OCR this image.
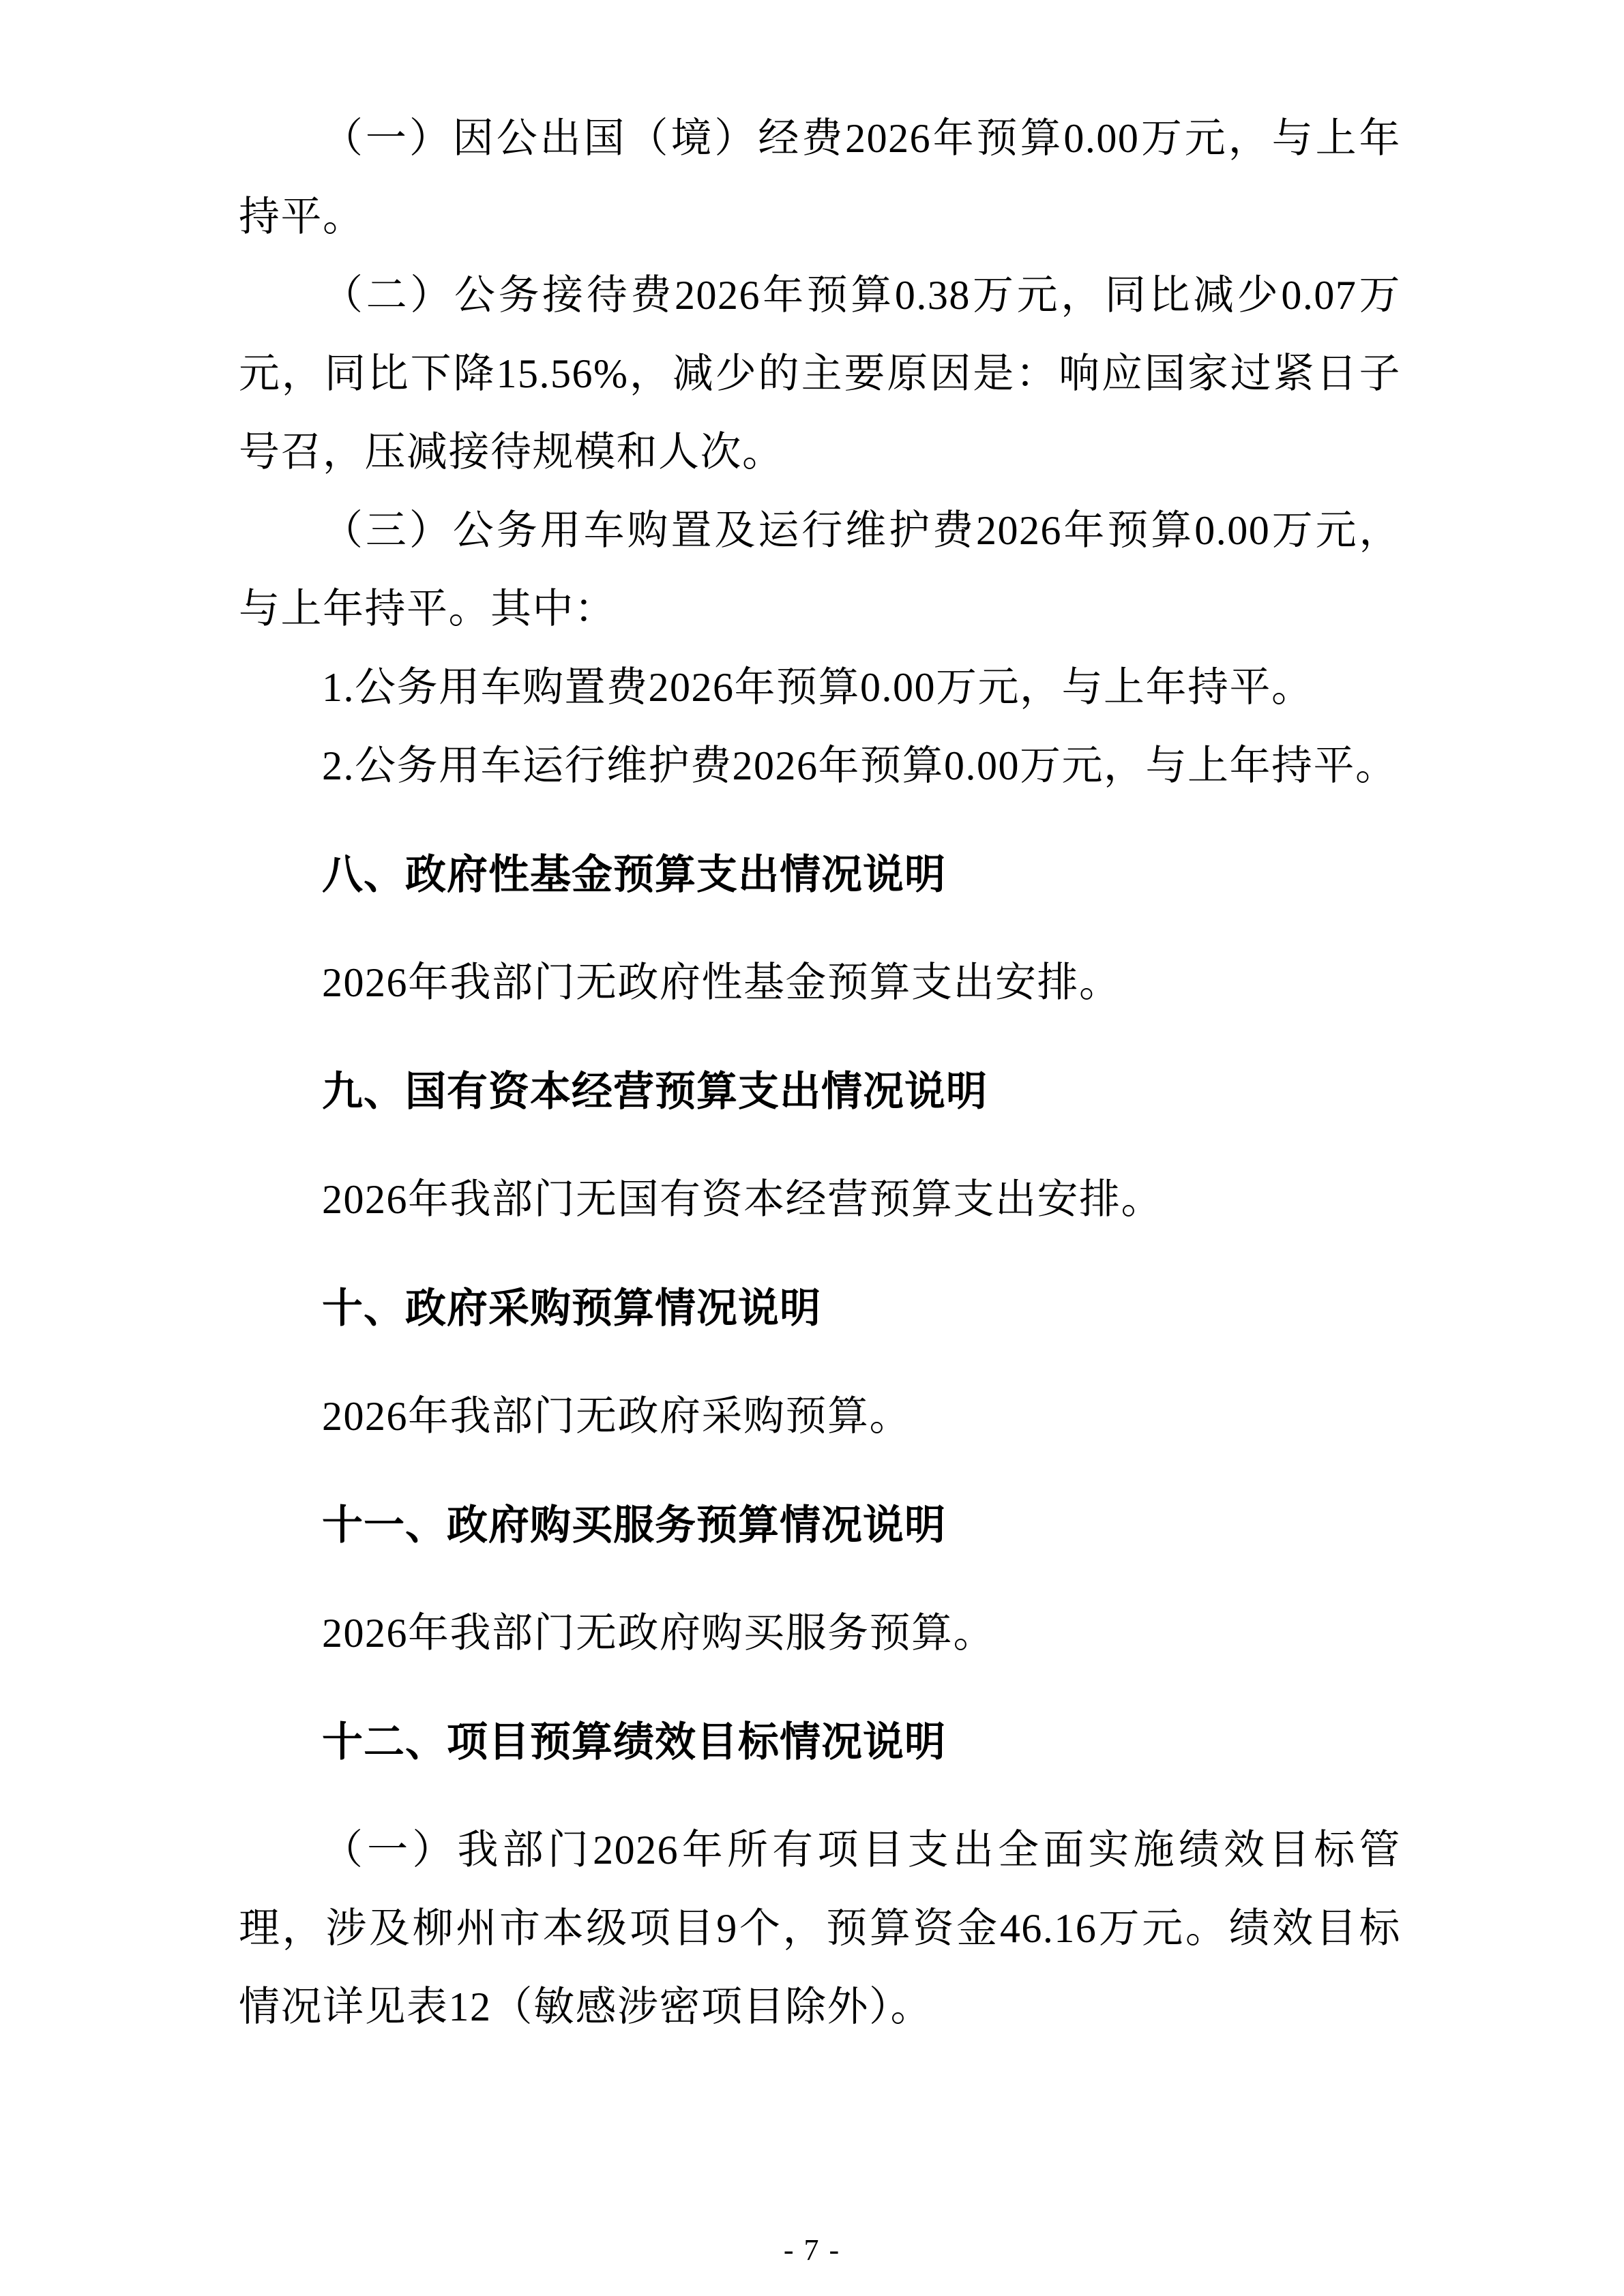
（一）因公出国（境）经费2026年预算0.00万元，与上年持平。

（二）公务接待费2026年预算0.38万元，同比减少0.07万元，同比下降15.56%，减少的主要原因是：响应国家过紧日子号召，压减接待规模和人次。

（三）公务用车购置及运行维护费2026年预算0.00万元，与上年持平。其中：

1.公务用车购置费2026年预算0.00万元，与上年持平。

2.公务用车运行维护费2026年预算0.00万元，与上年持平。

八、政府性基金预算支出情况说明

2026年我部门无政府性基金预算支出安排。

九、国有资本经营预算支出情况说明

2026年我部门无国有资本经营预算支出安排。

十、政府采购预算情况说明

2026年我部门无政府采购预算。

十一、政府购买服务预算情况说明

2026年我部门无政府购买服务预算。

十二、项目预算绩效目标情况说明

（一）我部门2026年所有项目支出全面实施绩效目标管理，涉及柳州市本级项目9个，预算资金46.16万元。绩效目标情况详见表12（敏感涉密项目除外）。

- 7 -
